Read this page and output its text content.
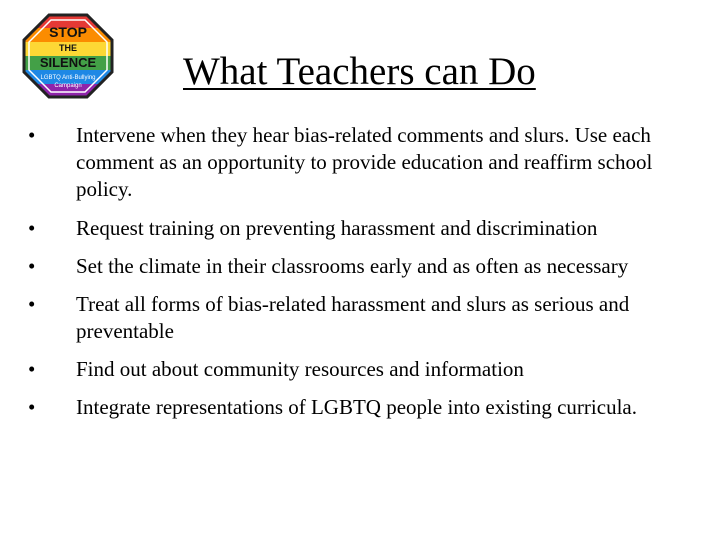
STOP
THE
SILENCE
LGBTQ Anti-Bullying
Campaign	What Teachers can Do
•	Intervene when they hear bias-related comments and slurs. Use each comment as an opportunity to provide education and reaffirm school policy.
•	Request training on preventing harassment and discrimination
•	Set the climate in their classrooms early and as often as necessary
•	Treat all forms of bias-related harassment and slurs as serious and preventable
•	Find out about community resources and information
•	Integrate representations of LGBTQ people into existing curricula.
